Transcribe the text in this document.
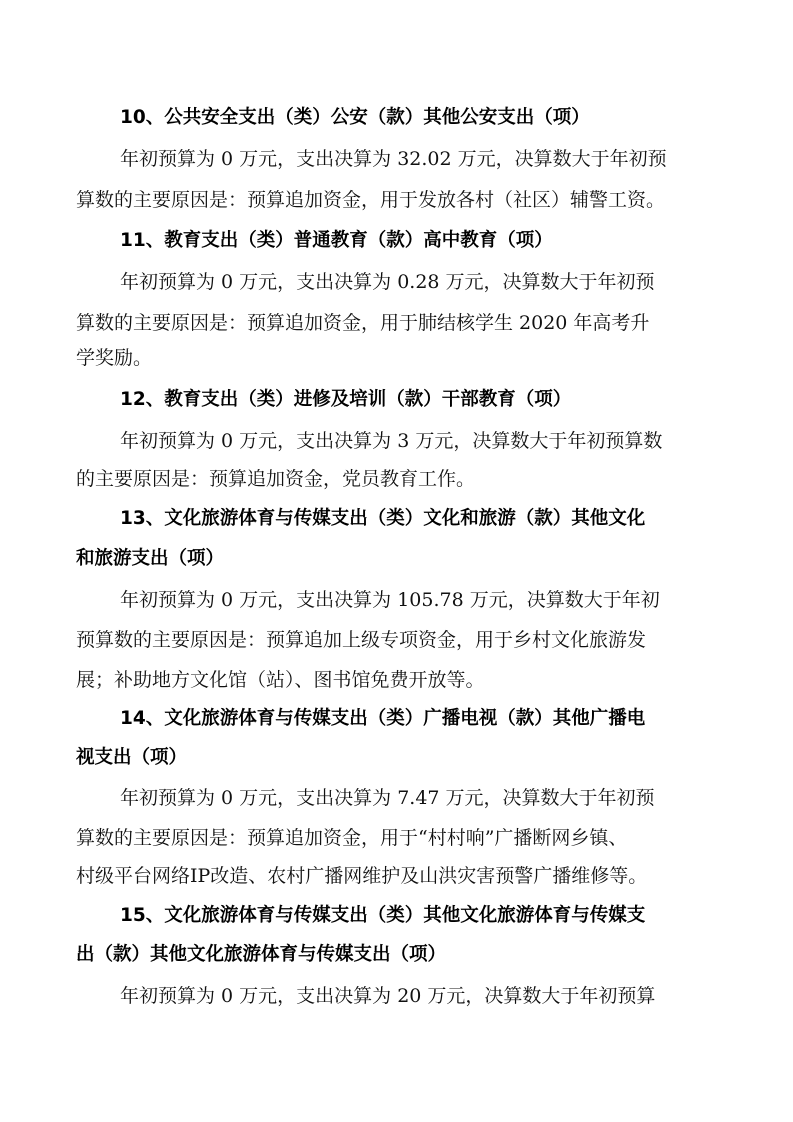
10、公共安全支出（类）公安（款）其他公安支出（项）
年初预算为 0 万元，支出决算为 32.02 万元，决算数大于年初预
算数的主要原因是：预算追加资金，用于发放各村（社区）辅警工资。
11、教育支出（类）普通教育（款）高中教育（项）
年初预算为 0 万元，支出决算为 0.28 万元，决算数大于年初预
算数的主要原因是：预算追加资金，用于肺结核学生 2020 年高考升
学奖励。
12、教育支出（类）进修及培训（款）干部教育（项）
年初预算为 0 万元，支出决算为 3 万元，决算数大于年初预算数
的主要原因是：预算追加资金，党员教育工作。
13、文化旅游体育与传媒支出（类）文化和旅游（款）其他文化
和旅游支出（项）
年初预算为 0 万元，支出决算为 105.78 万元，决算数大于年初
预算数的主要原因是：预算追加上级专项资金，用于乡村文化旅游发
展；补助地方文化馆（站）、图书馆免费开放等。
14、文化旅游体育与传媒支出（类）广播电视（款）其他广播电
视支出（项）
年初预算为 0 万元，支出决算为 7.47 万元，决算数大于年初预
算数的主要原因是：预算追加资金，用于“村村响”广播断网乡镇、
村级平台网络IP改造、农村广播网维护及山洪灾害预警广播维修等。
15、文化旅游体育与传媒支出（类）其他文化旅游体育与传媒支
出（款）其他文化旅游体育与传媒支出（项）
年初预算为 0 万元，支出决算为 20 万元，决算数大于年初预算
